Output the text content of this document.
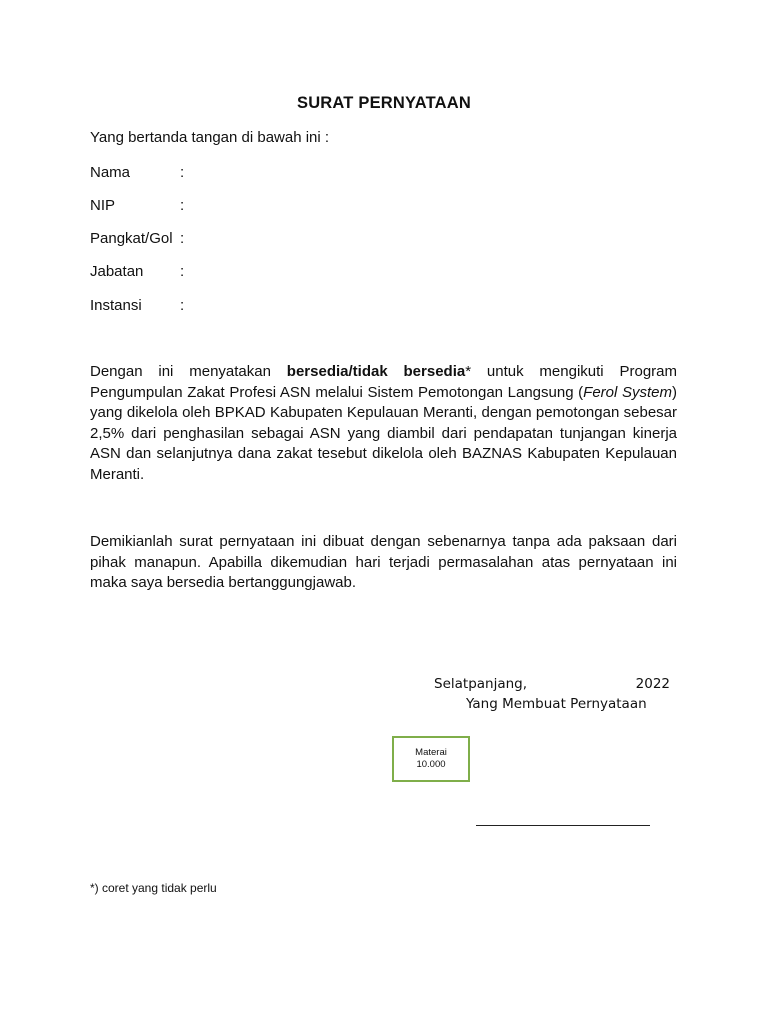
SURAT PERNYATAAN
Yang bertanda tangan di bawah ini :
Nama	:
NIP	:
Pangkat/Gol :
Jabatan	:
Instansi	:

Dengan ini menyatakan bersedia/tidak bersedia* untuk mengikuti Program Pengumpulan Zakat Profesi ASN melalui Sistem Pemotongan Langsung (Ferol System) yang dikelola oleh BPKAD Kabupaten Kepulauan Meranti, dengan pemotongan sebesar 2,5% dari penghasilan sebagai ASN yang diambil dari pendapatan tunjangan kinerja ASN dan selanjutnya dana zakat tesebut dikelola oleh BAZNAS Kabupaten Kepulauan Meranti.

Demikianlah surat pernyataan ini dibuat dengan sebenarnya tanpa ada paksaan dari pihak manapun. Apabilla dikemudian hari terjadi permasalahan atas pernyataan ini maka saya bersedia bertanggungjawab.

Selatpanjang,	2022
Yang Membuat Pernyataan
Materai
10.000
*) coret yang tidak perlu
